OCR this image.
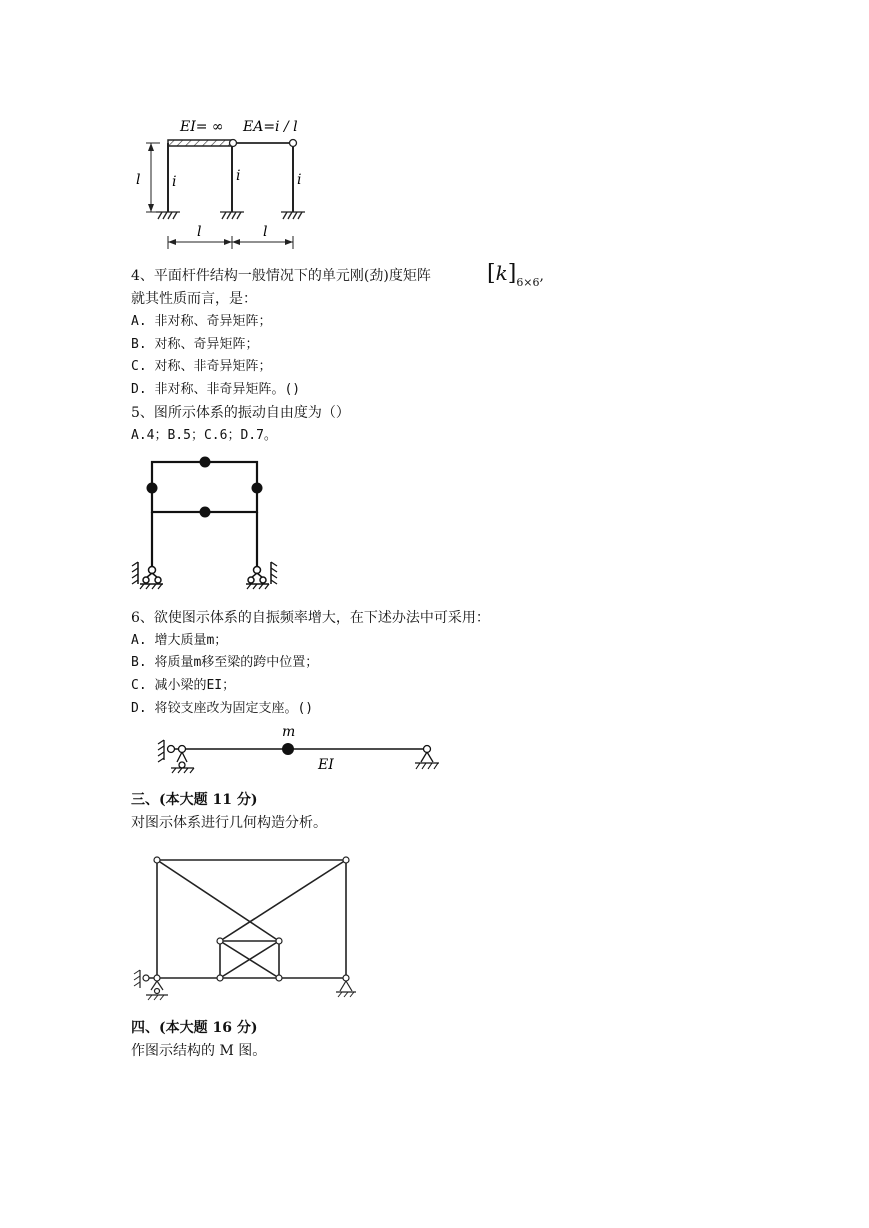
EI= ∞ EA=i / l
l i	i	i
l	l
4、平面杆件结构一般情况下的单元刚(劲)度矩阵	$[k]_{6\times 6}$,
就其性质而言，是：
A. 非对称、奇异矩阵；
B. 对称、奇异矩阵；
C. 对称、非奇异矩阵；
D. 非对称、非奇异矩阵。()
5、图所示体系的振动自由度为（）
A.4；B.5；C.6；D.7。
6、欲使图示体系的自振频率增大，在下述办法中可采用：
A. 增大质量m；
B. 将质量m移至梁的跨中位置；
C. 减小梁的EI；
D. 将铰支座改为固定支座。()
m
EI
三、(本大题 11 分)
对图示体系进行几何构造分析。
四、(本大题 16 分)
作图示结构的 M 图。
